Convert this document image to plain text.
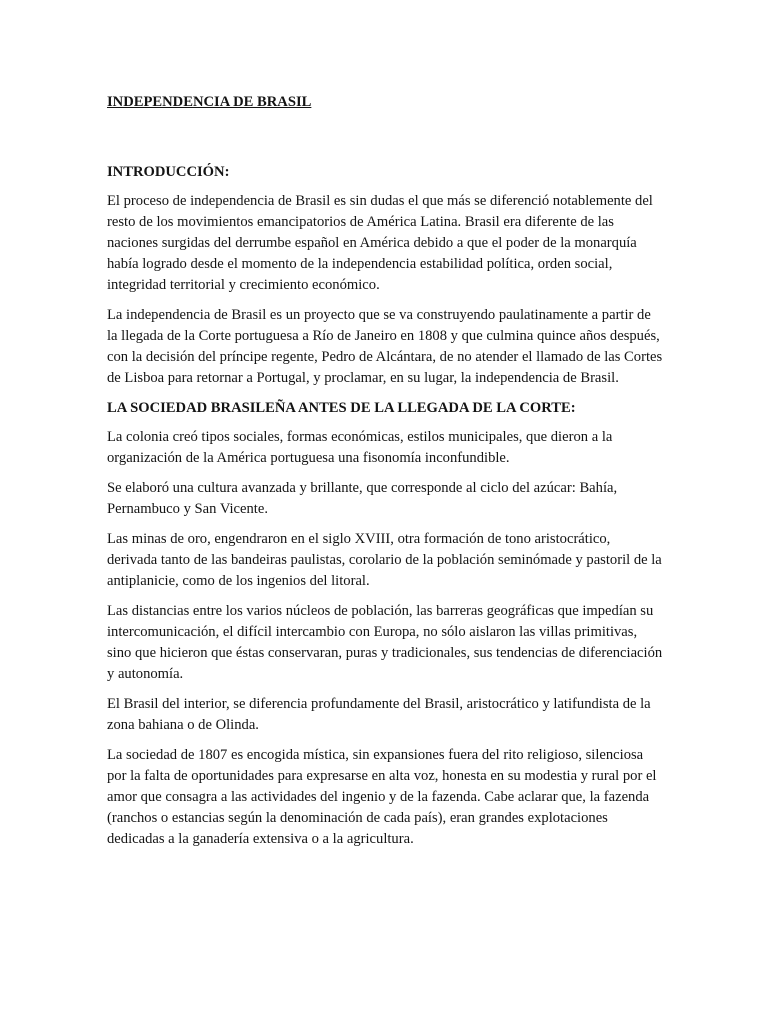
INDEPENDENCIA DE BRASIL
INTRODUCCIÓN:

El proceso de independencia de Brasil es sin dudas el que más se diferenció notablemente del resto de los movimientos emancipatorios de América Latina. Brasil era diferente de las naciones surgidas del derrumbe español en América debido a que el poder de la monarquía había logrado desde el momento de la independencia estabilidad política, orden social, integridad territorial y crecimiento económico.

La independencia de Brasil es un proyecto que se va construyendo paulatinamente a partir de la llegada de la Corte portuguesa a Río de Janeiro en 1808 y que culmina quince años después, con la decisión del príncipe regente, Pedro de Alcántara, de no atender el llamado de las Cortes de Lisboa para retornar a Portugal, y proclamar, en su lugar, la independencia de Brasil.

LA SOCIEDAD BRASILEÑA ANTES DE LA LLEGADA DE LA CORTE:

La colonia creó tipos sociales, formas económicas, estilos municipales, que dieron a la organización de la América portuguesa una fisonomía inconfundible.

Se elaboró una cultura avanzada y brillante, que corresponde al ciclo del azúcar: Bahía, Pernambuco y San Vicente.

Las minas de oro, engendraron en el siglo XVIII, otra formación de tono aristocrático, derivada tanto de las bandeiras paulistas, corolario de la población seminómade y pastoril de la antiplanicie, como de los ingenios del litoral.

Las distancias entre los varios núcleos de población, las barreras geográficas que impedían su intercomunicación, el difícil intercambio con Europa, no sólo aislaron las villas primitivas, sino que hicieron que éstas conservaran, puras y tradicionales, sus tendencias de diferenciación y autonomía.

El Brasil del interior, se diferencia profundamente del Brasil, aristocrático y latifundista de la zona bahiana o de Olinda.

La sociedad de 1807 es encogida mística, sin expansiones fuera del rito religioso, silenciosa por la falta de oportunidades para expresarse en alta voz, honesta en su modestia y rural por el amor que consagra a las actividades del ingenio y de la fazenda. Cabe aclarar que, la fazenda (ranchos o estancias según la denominación de cada país), eran grandes explotaciones dedicadas a la ganadería extensiva o a la agricultura.
